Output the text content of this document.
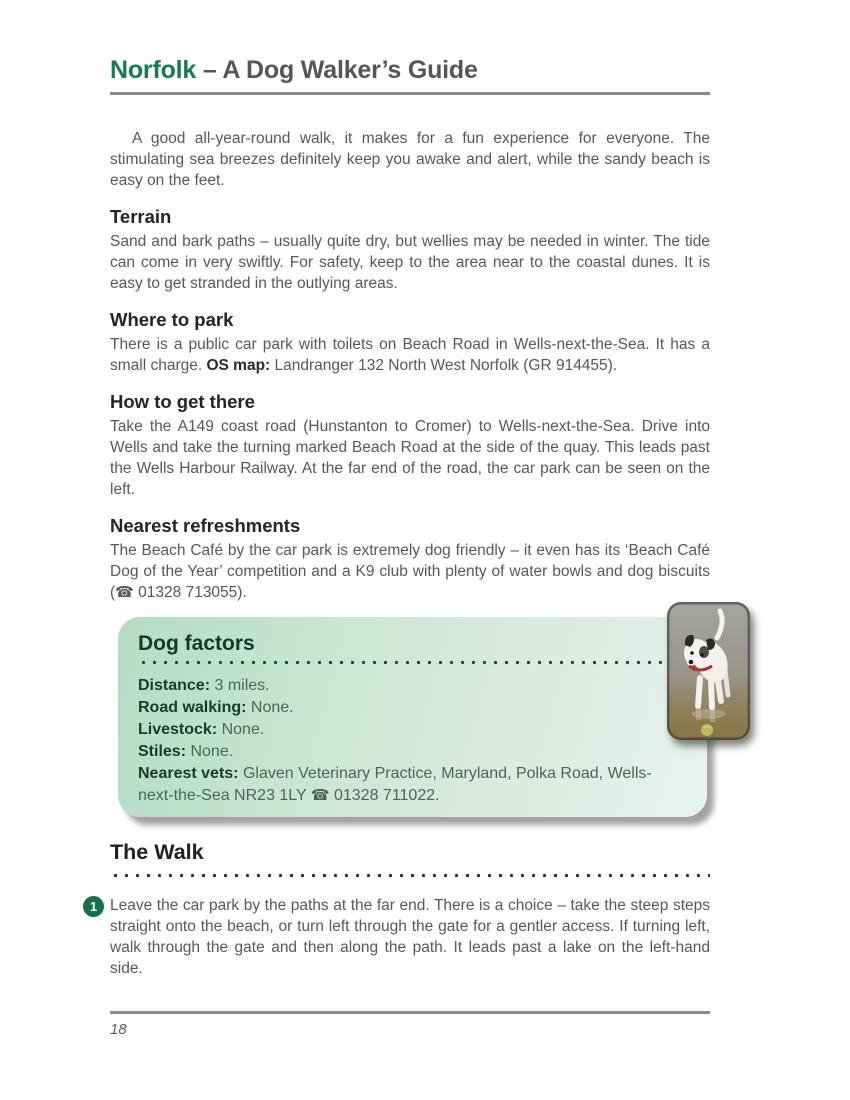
Norfolk – A Dog Walker’s Guide

A good all-year-round walk, it makes for a fun experience for everyone. The stimulating sea breezes definitely keep you awake and alert, while the sandy beach is easy on the feet.

Terrain

Sand and bark paths – usually quite dry, but wellies may be needed in winter. The tide can come in very swiftly. For safety, keep to the area near to the coastal dunes. It is easy to get stranded in the outlying areas.

Where to park

There is a public car park with toilets on Beach Road in Wells-next-the-Sea. It has a small charge. OS map: Landranger 132 North West Norfolk (GR 914455).

How to get there

Take the A149 coast road (Hunstanton to Cromer) to Wells-next-the-Sea. Drive into Wells and take the turning marked Beach Road at the side of the quay. This leads past the Wells Harbour Railway. At the far end of the road, the car park can be seen on the left.

Nearest refreshments

The Beach Café by the car park is extremely dog friendly – it even has its ‘Beach Café Dog of the Year’ competition and a K9 club with plenty of water bowls and dog biscuits (☎ 01328 713055).

Dog factors
Distance: 3 miles.
Road walking: None.
Livestock: None.
Stiles: None.
Nearest vets: Glaven Veterinary Practice, Maryland, Polka Road, Wells-next-the-Sea NR23 1LY ☎ 01328 711022.
The Walk
1 Leave the car park by the paths at the far end. There is a choice – take the steep steps straight onto the beach, or turn left through the gate for a gentler access. If turning left, walk through the gate and then along the path. It leads past a lake on the left-hand side.

18
